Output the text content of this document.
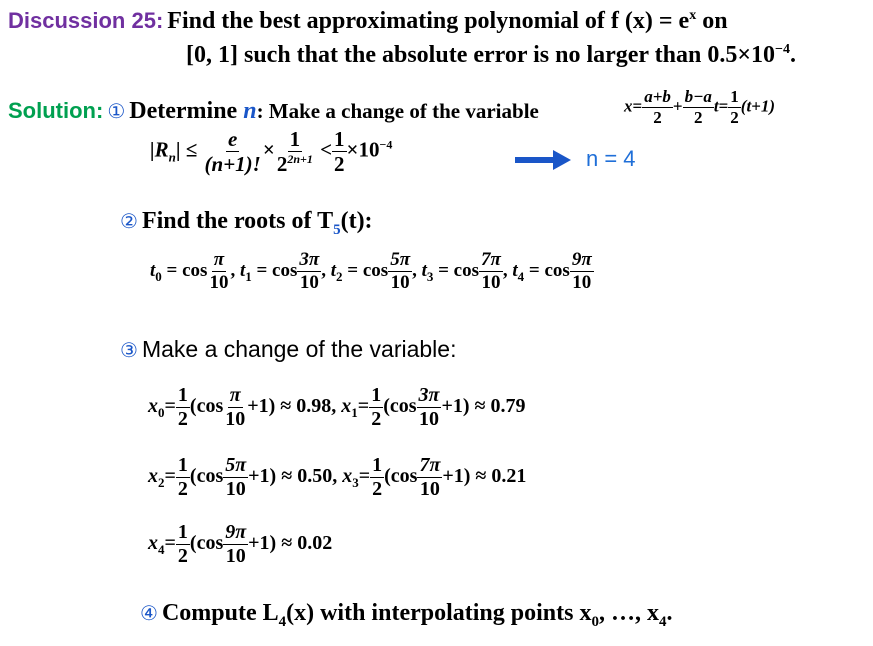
Discussion 25: Find the best approximating polynomial of f $(x) = e^x$ on
[0, 1] such that the absolute error is no larger than $0.5\times 10^{-4}$.
Solution: ① Determine n: Make a change of the variable	$x= \frac{a+b}{2} + \frac{b-a}{2} t= \frac{1}{2} (t+1)$
$|R_n| \le \frac{e}{(n+1)!} \times \frac{1}{2^{2n+1}} < \frac{1}{2} \times 10^{-4}$
n = 4
② Find the roots of $T_5(t)$:
$t_0 = \cos \frac{\pi}{10}$ , $t_1 = \cos \frac{3\pi}{10}$ , $t_2 = \cos \frac{5\pi}{10}$ , $t_3 = \cos \frac{7\pi}{10}$ , $t_4 = \cos \frac{9\pi}{10}$
③ Make a change of the variable:
$x_0= \frac{1}{2} (\cos \frac{\pi}{10} +1) \approx 0.98$, $x_1= \frac{1}{2} (\cos \frac{3\pi}{10} +1) \approx 0.79$
$x_2= \frac{1}{2} (\cos \frac{5\pi}{10} +1) \approx 0.50$, $x_3= \frac{1}{2} (\cos \frac{7\pi}{10} +1) \approx 0.21$
$x_4= \frac{1}{2} (\cos \frac{9\pi}{10} +1) \approx 0.02$
④ Compute $L_4(x)$ with interpolating points $x_0$, …, $x_4$.
